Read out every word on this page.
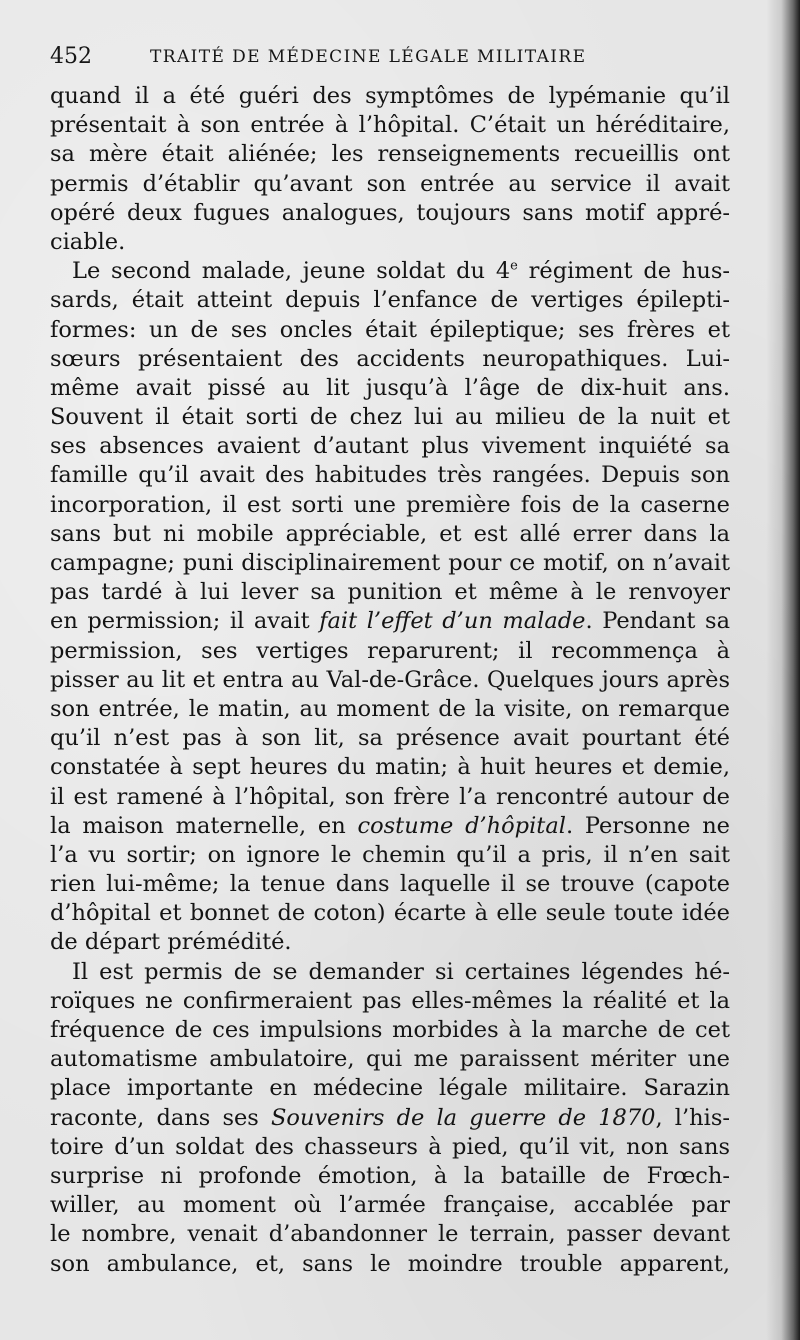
452	TRAITÉ DE MÉDECINE LÉGALE MILITAIRE
quand il a été guéri des symptômes de lypémanie qu’il
présentait à son entrée à l’hôpital. C’était un héréditaire,
sa mère était aliénée; les renseignements recueillis ont
permis d’établir qu’avant son entrée au service il avait
opéré deux fugues analogues, toujours sans motif appré-
ciable.
Le second malade, jeune soldat du 4e régiment de hus-
sards, était atteint depuis l’enfance de vertiges épilepti-
formes: un de ses oncles était épileptique; ses frères et
sœurs présentaient des accidents neuropathiques. Lui-
même avait pissé au lit jusqu’à l’âge de dix-huit ans.
Souvent il était sorti de chez lui au milieu de la nuit et
ses absences avaient d’autant plus vivement inquiété sa
famille qu’il avait des habitudes très rangées. Depuis son
incorporation, il est sorti une première fois de la caserne
sans but ni mobile appréciable, et est allé errer dans la
campagne; puni disciplinairement pour ce motif, on n’avait
pas tardé à lui lever sa punition et même à le renvoyer
en permission; il avait fait l’effet d’un malade. Pendant sa
permission, ses vertiges reparurent; il recommença à
pisser au lit et entra au Val-de-Grâce. Quelques jours après
son entrée, le matin, au moment de la visite, on remarque
qu’il n’est pas à son lit, sa présence avait pourtant été
constatée à sept heures du matin; à huit heures et demie,
il est ramené à l’hôpital, son frère l’a rencontré autour de
la maison maternelle, en costume d’hôpital. Personne ne
l’a vu sortir; on ignore le chemin qu’il a pris, il n’en sait
rien lui-même; la tenue dans laquelle il se trouve (capote
d’hôpital et bonnet de coton) écarte à elle seule toute idée
de départ prémédité.
Il est permis de se demander si certaines légendes hé-
roïques ne confirmeraient pas elles-mêmes la réalité et la
fréquence de ces impulsions morbides à la marche de cet
automatisme ambulatoire, qui me paraissent mériter une
place importante en médecine légale militaire. Sarazin
raconte, dans ses Souvenirs de la guerre de 1870, l’his-
toire d’un soldat des chasseurs à pied, qu’il vit, non sans
surprise ni profonde émotion, à la bataille de Frœch-
willer, au moment où l’armée française, accablée par
le nombre, venait d’abandonner le terrain, passer devant
son ambulance, et, sans le moindre trouble apparent,
